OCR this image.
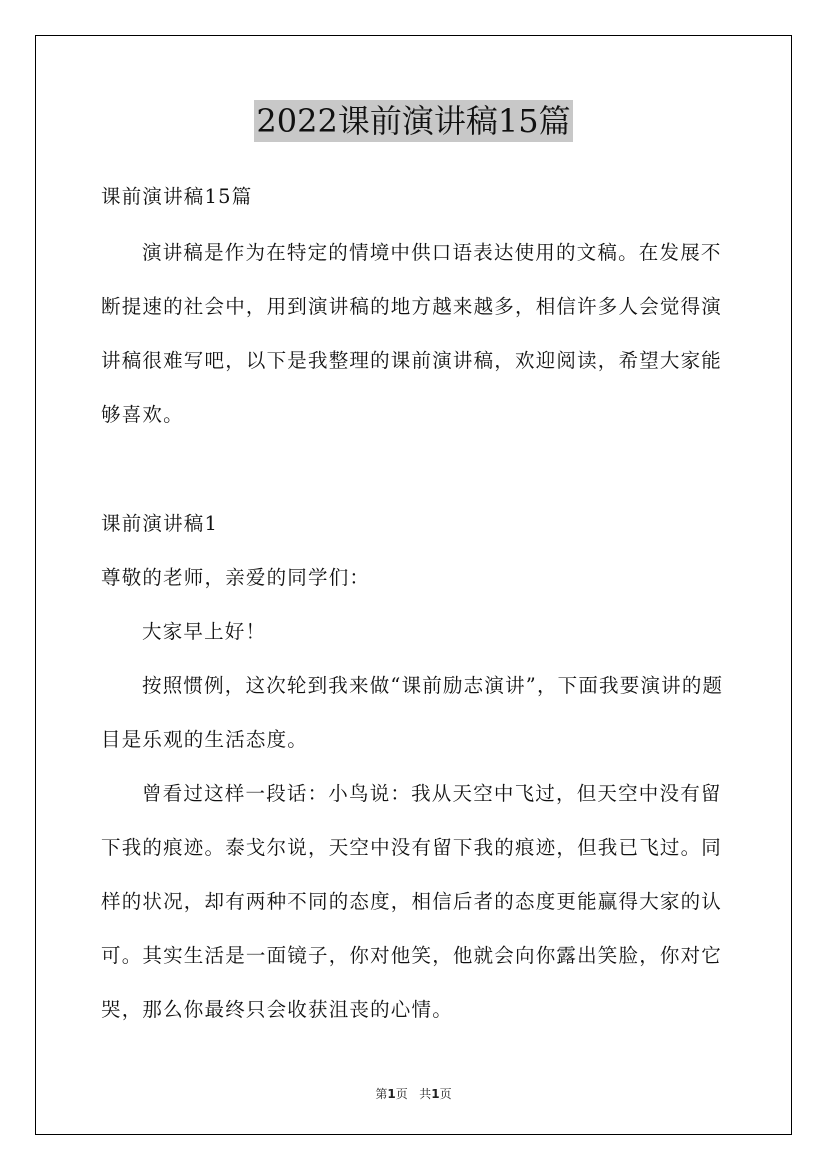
2022课前演讲稿15篇
课前演讲稿15篇
演讲稿是作为在特定的情境中供口语表达使用的文稿。在发展不
断提速的社会中，用到演讲稿的地方越来越多，相信许多人会觉得演
讲稿很难写吧，以下是我整理的课前演讲稿，欢迎阅读，希望大家能
够喜欢。
课前演讲稿1
尊敬的老师，亲爱的同学们：
大家早上好！
按照惯例，这次轮到我来做“课前励志演讲”，下面我要演讲的题
目是乐观的生活态度。
曾看过这样一段话：小鸟说：我从天空中飞过，但天空中没有留
下我的痕迹。泰戈尔说，天空中没有留下我的痕迹，但我已飞过。同
样的状况，却有两种不同的态度，相信后者的态度更能赢得大家的认
可。其实生活是一面镜子，你对他笑，他就会向你露出笑脸，你对它
哭，那么你最终只会收获沮丧的心情。
第1页 共1页
